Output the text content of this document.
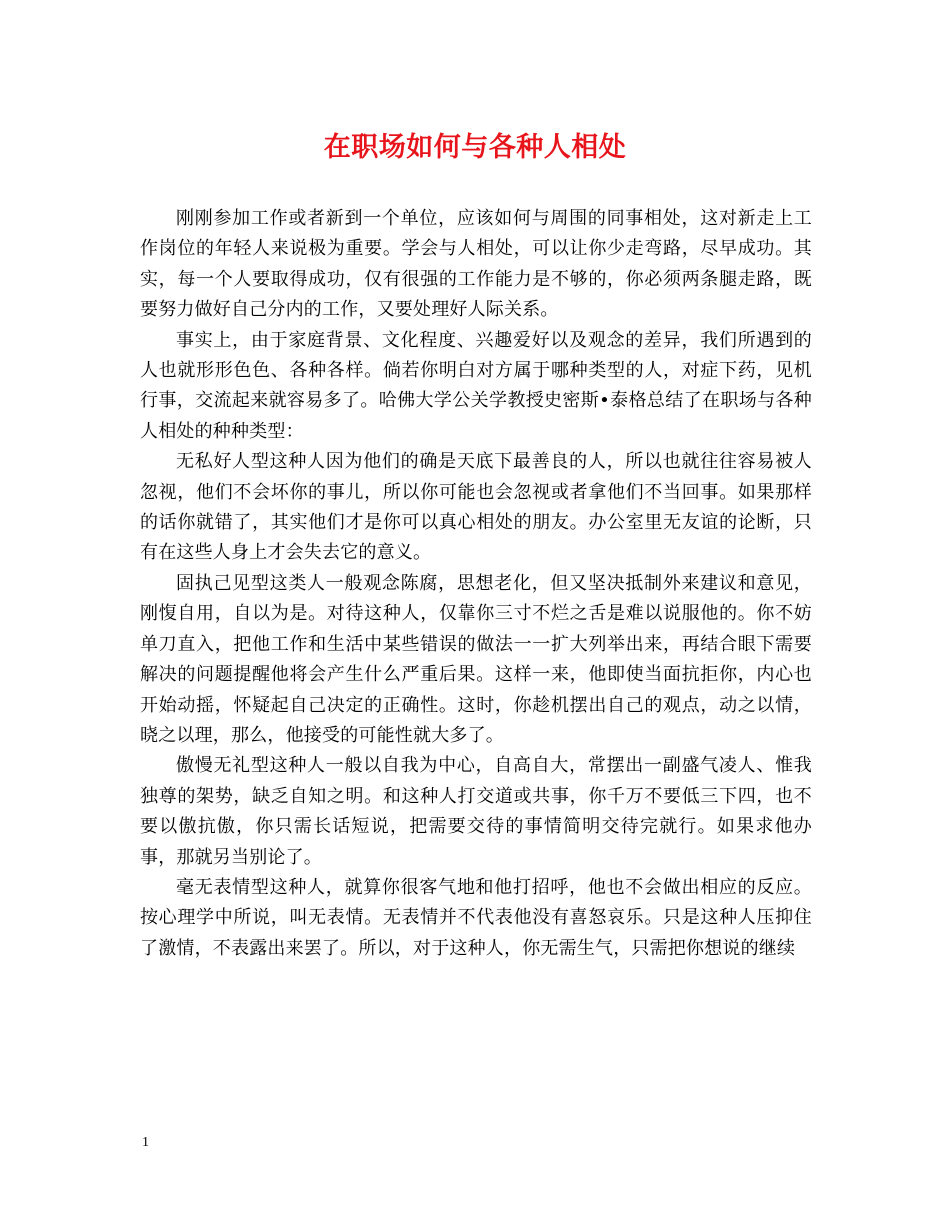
在职场如何与各种人相处

刚刚参加工作或者新到一个单位，应该如何与周围的同事相处，这对新走上工作岗位的年轻人来说极为重要。学会与人相处，可以让你少走弯路，尽早成功。其实，每一个人要取得成功，仅有很强的工作能力是不够的，你必须两条腿走路，既要努力做好自己分内的工作，又要处理好人际关系。

事实上，由于家庭背景、文化程度、兴趣爱好以及观念的差异，我们所遇到的人也就形形色色、各种各样。倘若你明白对方属于哪种类型的人，对症下药，见机行事，交流起来就容易多了。哈佛大学公关学教授史密斯•泰格总结了在职场与各种人相处的种种类型：

无私好人型这种人因为他们的确是天底下最善良的人，所以也就往往容易被人忽视，他们不会坏你的事儿，所以你可能也会忽视或者拿他们不当回事。如果那样的话你就错了，其实他们才是你可以真心相处的朋友。办公室里无友谊的论断，只有在这些人身上才会失去它的意义。

固执己见型这类人一般观念陈腐，思想老化，但又坚决抵制外来建议和意见，刚愎自用，自以为是。对待这种人，仅靠你三寸不烂之舌是难以说服他的。你不妨单刀直入，把他工作和生活中某些错误的做法一一扩大列举出来，再结合眼下需要解决的问题提醒他将会产生什么严重后果。这样一来，他即使当面抗拒你，内心也开始动摇，怀疑起自己决定的正确性。这时，你趁机摆出自己的观点，动之以情，晓之以理，那么，他接受的可能性就大多了。

傲慢无礼型这种人一般以自我为中心，自高自大，常摆出一副盛气凌人、惟我独尊的架势，缺乏自知之明。和这种人打交道或共事，你千万不要低三下四，也不要以傲抗傲，你只需长话短说，把需要交待的事情简明交待完就行。如果求他办事，那就另当别论了。

毫无表情型这种人，就算你很客气地和他打招呼，他也不会做出相应的反应。按心理学中所说，叫无表情。无表情并不代表他没有喜怒哀乐。只是这种人压抑住了激情，不表露出来罢了。所以，对于这种人，你无需生气，只需把你想说的继续

1
